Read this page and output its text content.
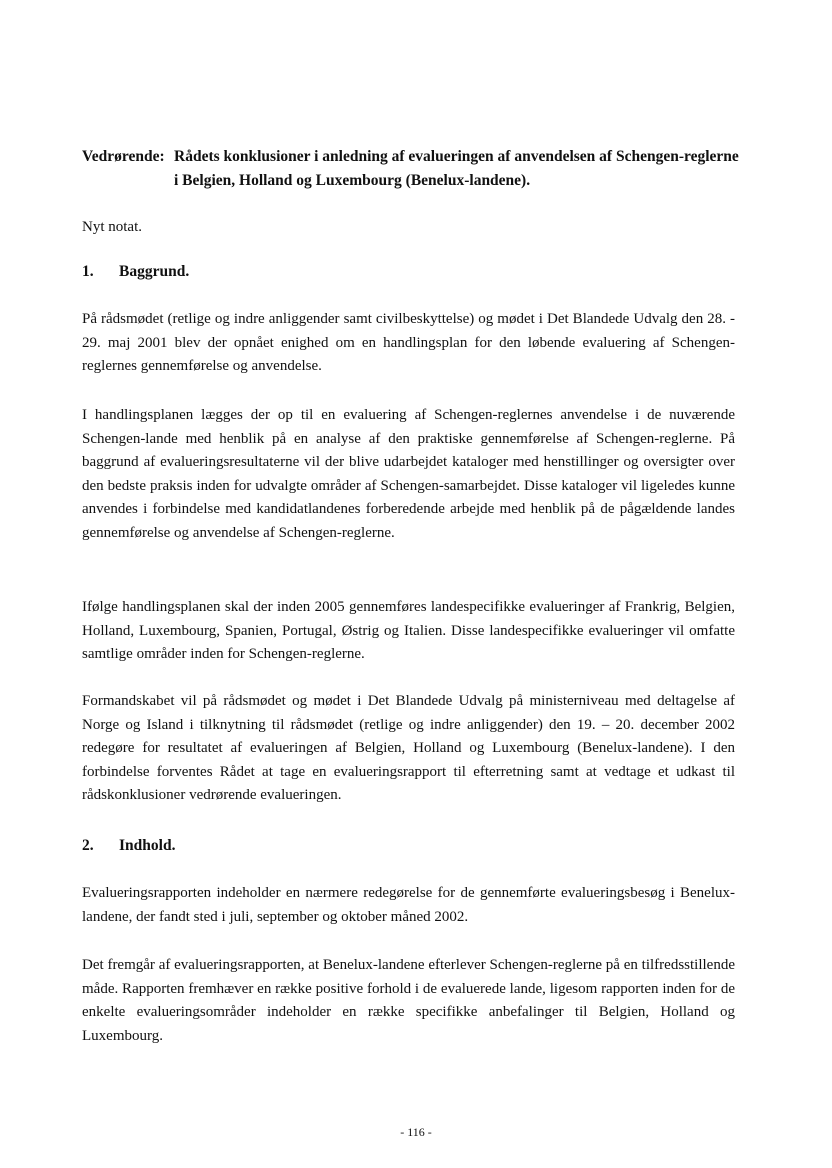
Vedrørende: Rådets konklusioner i anledning af evalueringen af anvendelsen af Schengen-reglerne i Belgien, Holland og Luxembourg (Benelux-landene).
Nyt notat.
1. Baggrund.

På rådsmødet (retlige og indre anliggender samt civilbeskyttelse) og mødet i Det Blandede Udvalg den 28. - 29. maj 2001 blev der opnået enighed om en handlingsplan for den løbende evaluering af Schengen-reglernes gennemførelse og anvendelse.

I handlingsplanen lægges der op til en evaluering af Schengen-reglernes anvendelse i de nuværende Schengen-lande med henblik på en analyse af den praktiske gennemførelse af Schengen-reglerne. På baggrund af evalueringsresultaterne vil der blive udarbejdet kataloger med henstillinger og oversigter over den bedste praksis inden for udvalgte områder af Schengen-samarbejdet. Disse kataloger vil ligeledes kunne anvendes i forbindelse med kandidatlandenes forberedende arbejde med henblik på de pågældende landes gennemførelse og anvendelse af Schengen-reglerne.

Ifølge handlingsplanen skal der inden 2005 gennemføres landespecifikke evalueringer af Frankrig, Belgien, Holland, Luxembourg, Spanien, Portugal, Østrig og Italien. Disse landespecifikke evalueringer vil omfatte samtlige områder inden for Schengen-reglerne.

Formandskabet vil på rådsmødet og mødet i Det Blandede Udvalg på ministerniveau med deltagelse af Norge og Island i tilknytning til rådsmødet (retlige og indre anliggender) den 19. – 20. december 2002 redegøre for resultatet af evalueringen af Belgien, Holland og Luxembourg (Benelux-landene). I den forbindelse forventes Rådet at tage en evalueringsrapport til efterretning samt at vedtage et udkast til rådskonklusioner vedrørende evalueringen.

2. Indhold.

Evalueringsrapporten indeholder en nærmere redegørelse for de gennemførte evalueringsbesøg i Benelux-landene, der fandt sted i juli, september og oktober måned 2002.

Det fremgår af evalueringsrapporten, at Benelux-landene efterlever Schengen-reglerne på en tilfredsstillende måde. Rapporten fremhæver en række positive forhold i de evaluerede lande, ligesom rapporten inden for de enkelte evalueringsområder indeholder en række specifikke anbefalinger til Belgien, Holland og Luxembourg.

- 116 -
